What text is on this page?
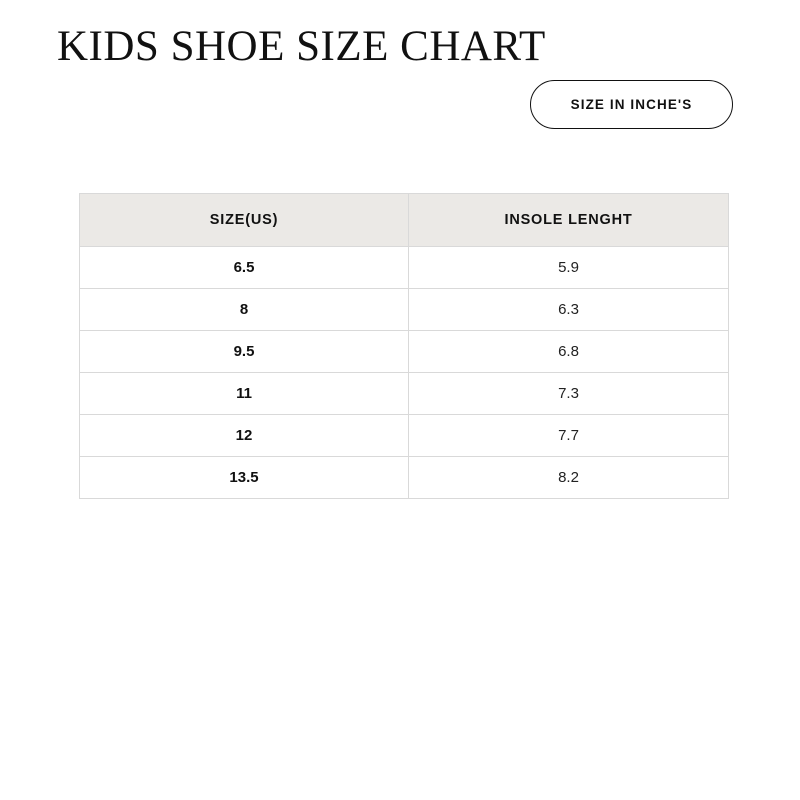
KIDS SHOE SIZE CHART
SIZE IN INCHE'S
SIZE(US)	INSOLE LENGHT
6.5	5.9
8	6.3
9.5	6.8
11	7.3
12	7.7
13.5	8.2
